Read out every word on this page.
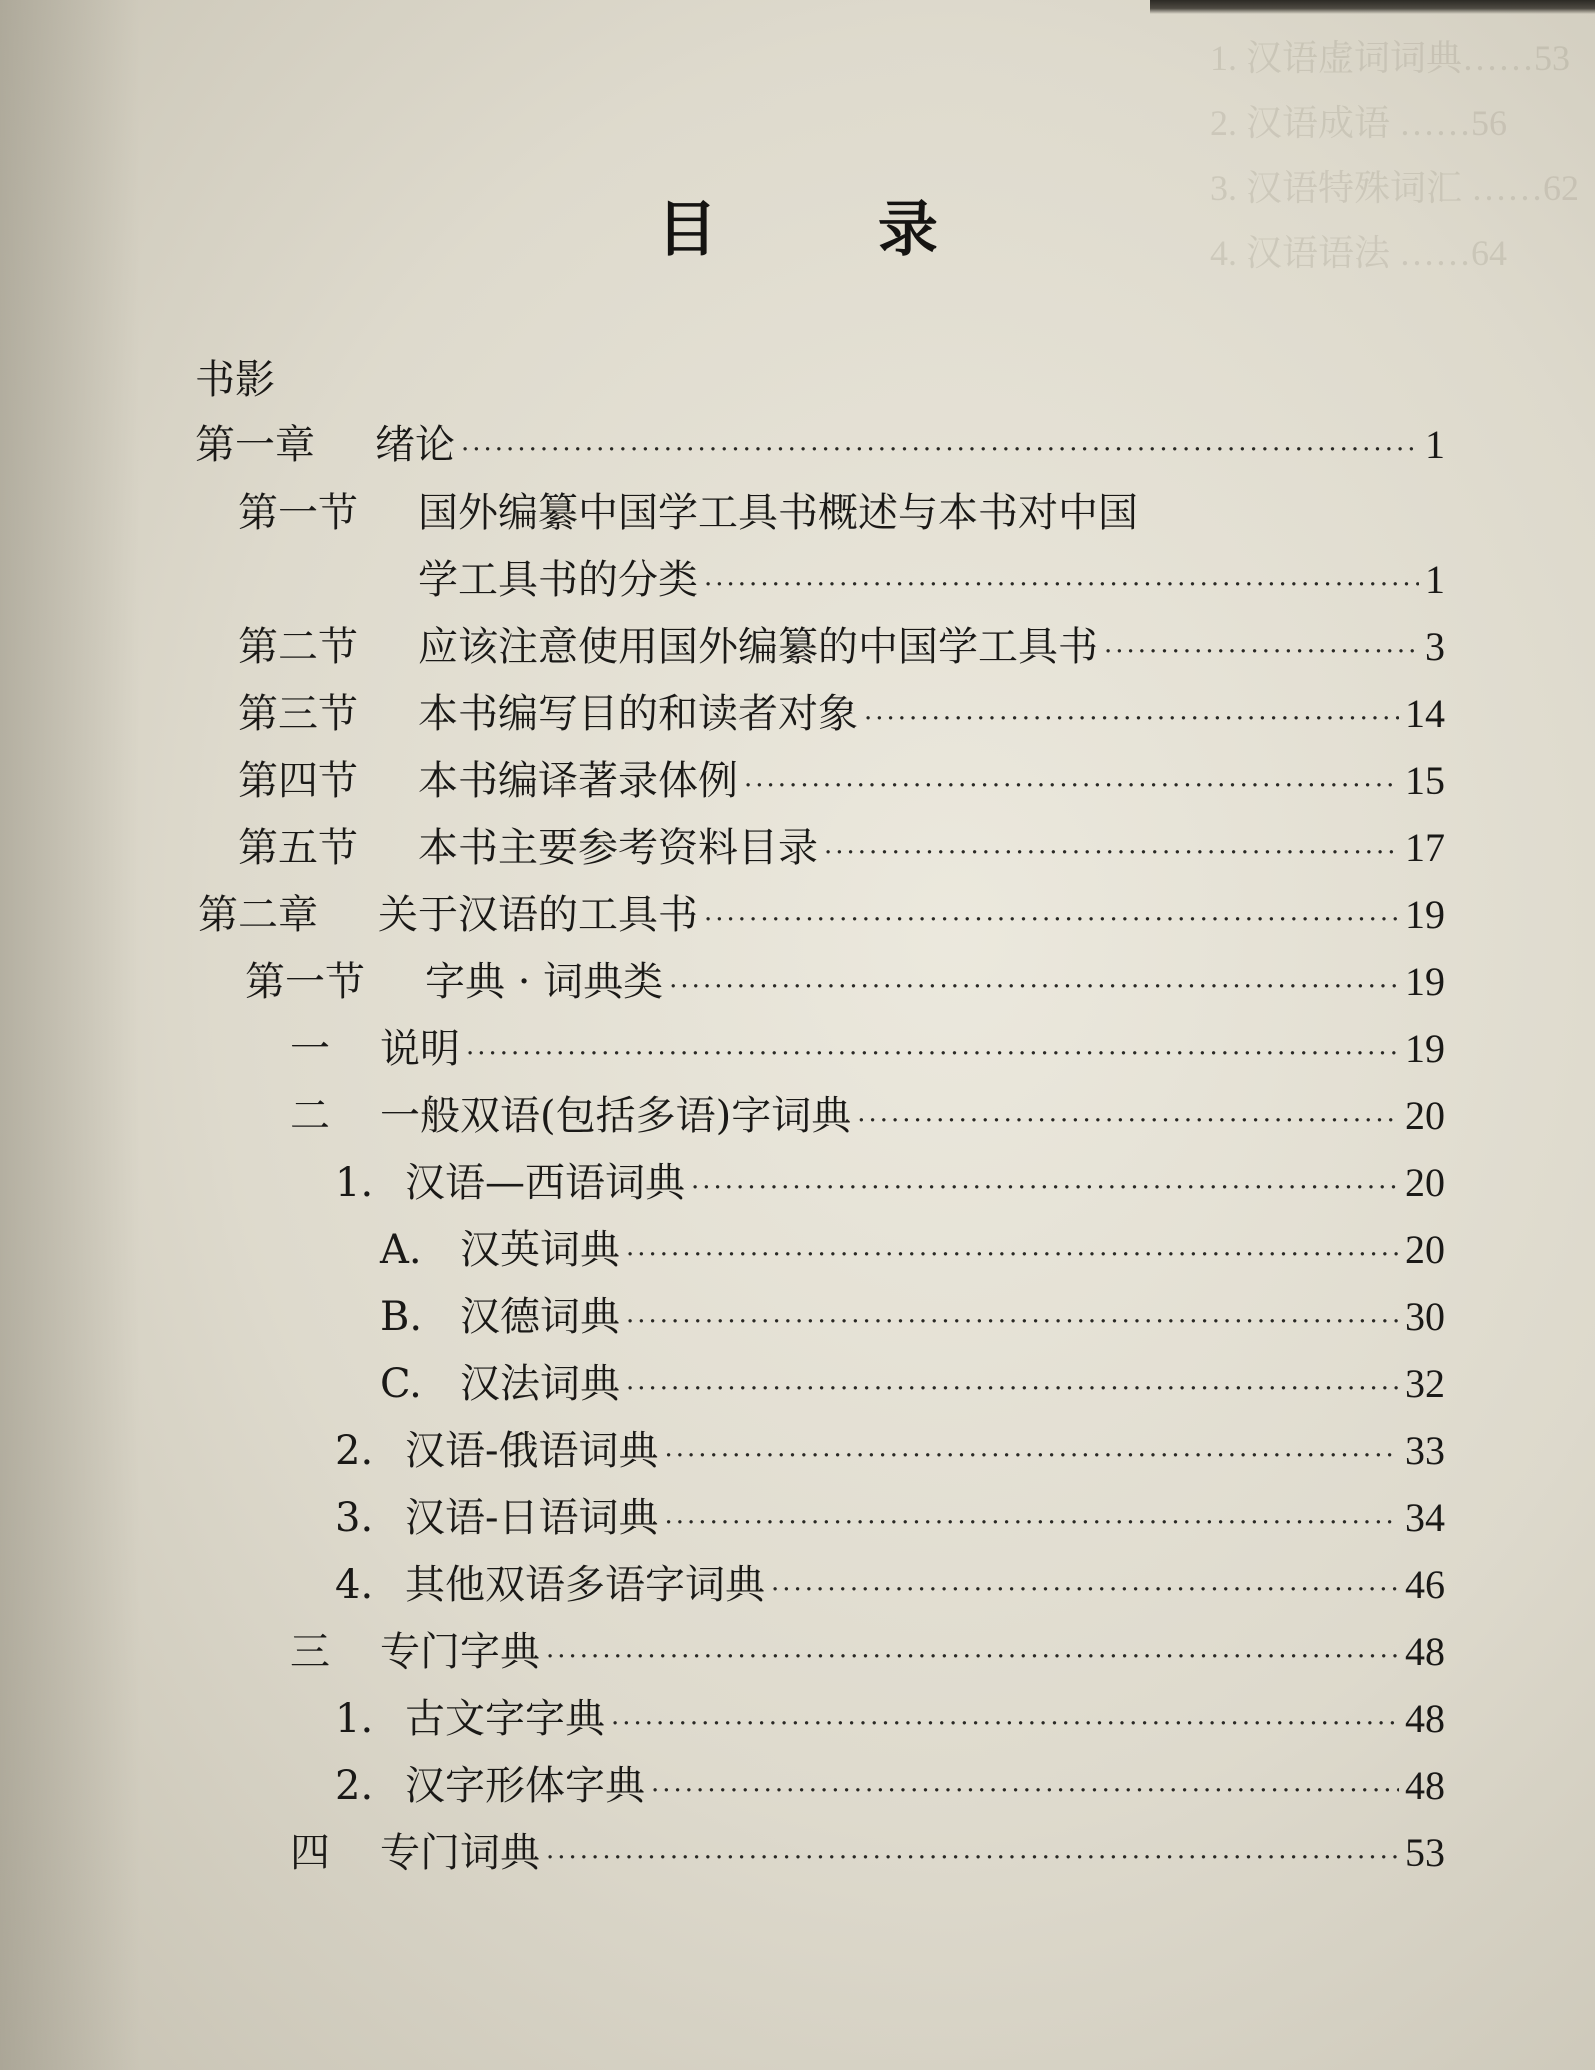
1. 汉语虚词词典……53
2. 汉语成语 ……56
3. 汉语特殊词汇 ……62
4. 汉语语法 ……64
目 录
书影
第一章	绪论 ·····	1
第一节	国外编纂中国学工具书概述与本书对中国
学工具书的分类 ·····	1
第二节	应该注意使用国外编纂的中国学工具书 ·····	3
第三节	本书编写目的和读者对象 ·····	14
第四节	本书编译著录体例 ·····	15
第五节	本书主要参考资料目录 ·····	17
第二章	关于汉语的工具书 ·····	19
第一节	字典 · 词典类 ·····	19
一	说明 ·····	19
二	一般双语(包括多语)字词典 ·····	20
1. 汉语—西语词典 ·····	20
A. 汉英词典 ·····	20
B. 汉德词典 ·····	30
C. 汉法词典 ·····	32
2. 汉语-俄语词典 ·····	33
3. 汉语-日语词典 ·····	34
4. 其他双语多语字词典 ·····	46
三	专门字典 ·····	48
1. 古文字字典 ·····	48
2. 汉字形体字典 ·····	48
四	专门词典 ·····	53
